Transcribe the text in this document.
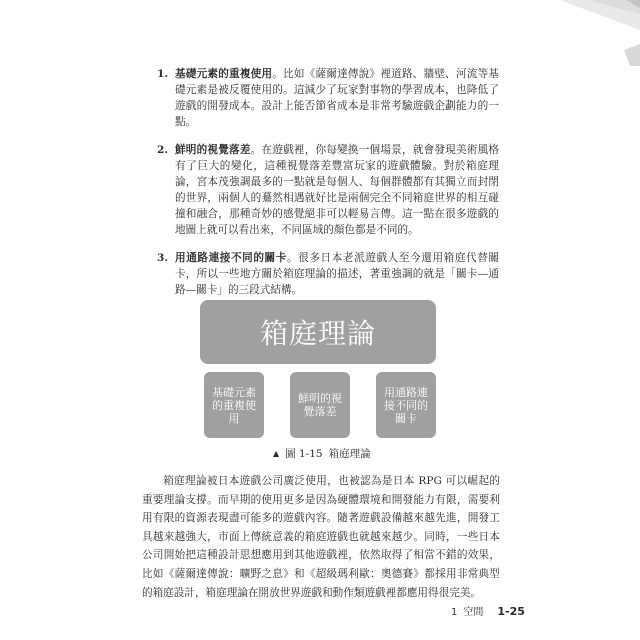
1. 基礎元素的重複使用。比如《薩爾達傳說》裡道路、牆壁、河流等基礎元素是被反覆使用的。這減少了玩家對事物的學習成本，也降低了遊戲的開發成本。設計上能否節省成本是非常考驗遊戲企劃能力的一點。
2. 鮮明的視覺落差。在遊戲裡，你每變換一個場景，就會發現美術風格有了巨大的變化，這種視覺落差豐富玩家的遊戲體驗。對於箱庭理論，宮本茂強調最多的一點就是每個人、每個群體都有其獨立而封閉的世界，兩個人的驀然相遇就好比是兩個完全不同箱庭世界的相互碰撞和融合，那種奇妙的感覺絕非可以輕易言傳。這一點在很多遊戲的地圖上就可以看出來，不同區域的顏色都是不同的。
3. 用通路連接不同的關卡。很多日本老派遊戲人至今還用箱庭代替關卡，所以一些地方關於箱庭理論的描述，著重強調的就是「關卡—通路—關卡」的三段式結構。
箱庭理論
基礎元素的重複使用
鮮明的視覺落差
用通路連接不同的關卡
▲ 圖 1-15 箱庭理論

箱庭理論被日本遊戲公司廣泛使用，也被認為是日本 RPG 可以崛起的重要理論支撐。而早期的使用更多是因為硬體環境和開發能力有限，需要利用有限的資源表現盡可能多的遊戲內容。隨著遊戲設備越來越先進，開發工具越來越強大，市面上傳統意義的箱庭遊戲也就越來越少。同時，一些日本公司開始把這種設計思想應用到其他遊戲裡，依然取得了相當不錯的效果，比如《薩爾達傳說：曠野之息》和《超級瑪利歐：奧德賽》都採用非常典型的箱庭設計，箱庭理論在開放世界遊戲和動作類遊戲裡都應用得很完美。

1 空間 1-25
